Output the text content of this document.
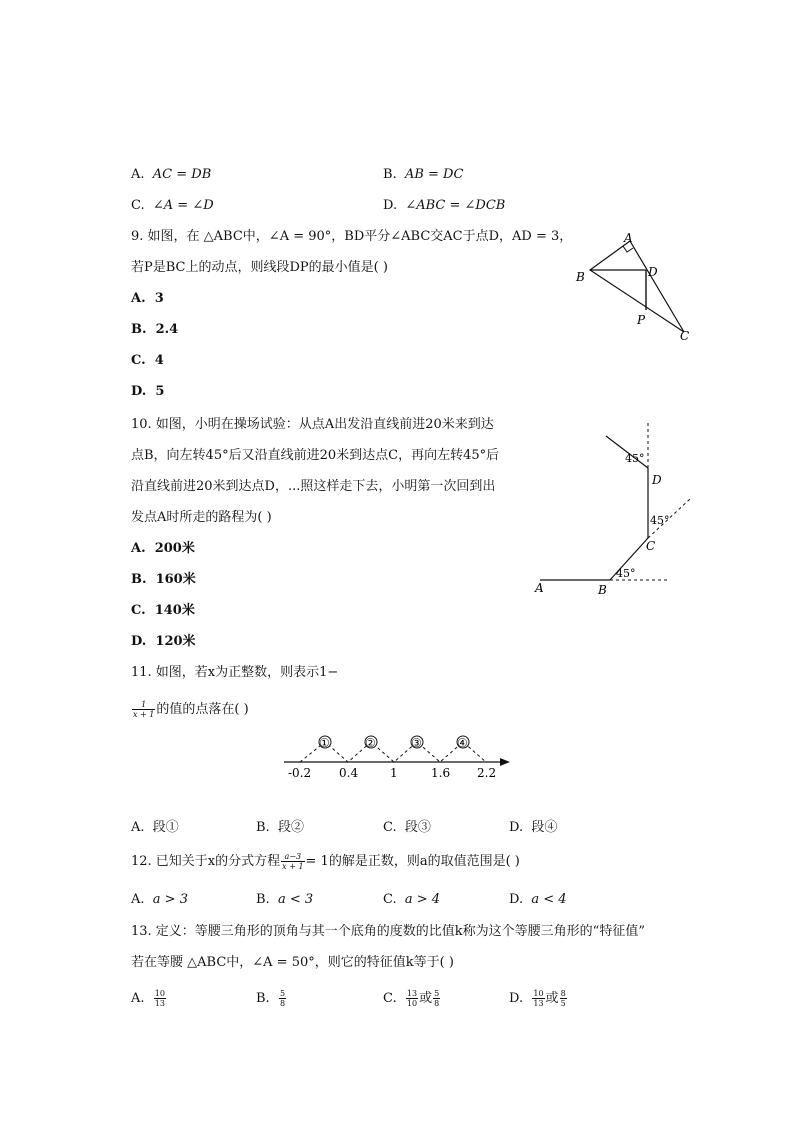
A. AC = DB	B. AB = DC
C. ∠A = ∠D	D. ∠ABC = ∠DCB
9. 如图，在 △ABC中，∠A = 90°，BD平分∠ABC交AC于点D，AD = 3，
若P是BC上的动点，则线段DP的最小值是( )
A. 3
B. 2.4
C. 4
D. 5
A
B	D
P
C
10. 如图，小明在操场试验：从点A出发沿直线前进20米来到达
点B，向左转45°后又沿直线前进20米到达点C，再向左转45°后
沿直线前进20米到达点D，...照这样走下去，小明第一次回到出
发点A时所走的路程为( )
A. 200米
B. 160米
C. 140米
D. 120米
A	B
C
D
45°
45°
45°
11. 如图，若x为正整数，则表示1−
$\frac{1}{x + 1}$ 的值的点落在( )
①	②	③	④
-0.2 0.4	1	1.6 2.2
A. 段①	B. 段②	C. 段③	D. 段④
12. 已知关于x的分式方程 $\frac{a-3}{x + 1} = 1$的解是正数，则a的取值范围是( )
A. a > 3	B. a < 3	C. a > 4	D. a < 4
13. 定义：等腰三角形的顶角与其一个底角的度数的比值k称为这个等腰三角形的“特征值”
若在等腰 △ABC中，∠A = 50°，则它的特征值k等于( )
A. $\frac{10}{13}$	B. $\frac{5}{8}$	C. $\frac{13}{10}$ 或 $\frac{5}{8}$	D. $\frac{10}{13}$ 或 $\frac{8}{5}$
